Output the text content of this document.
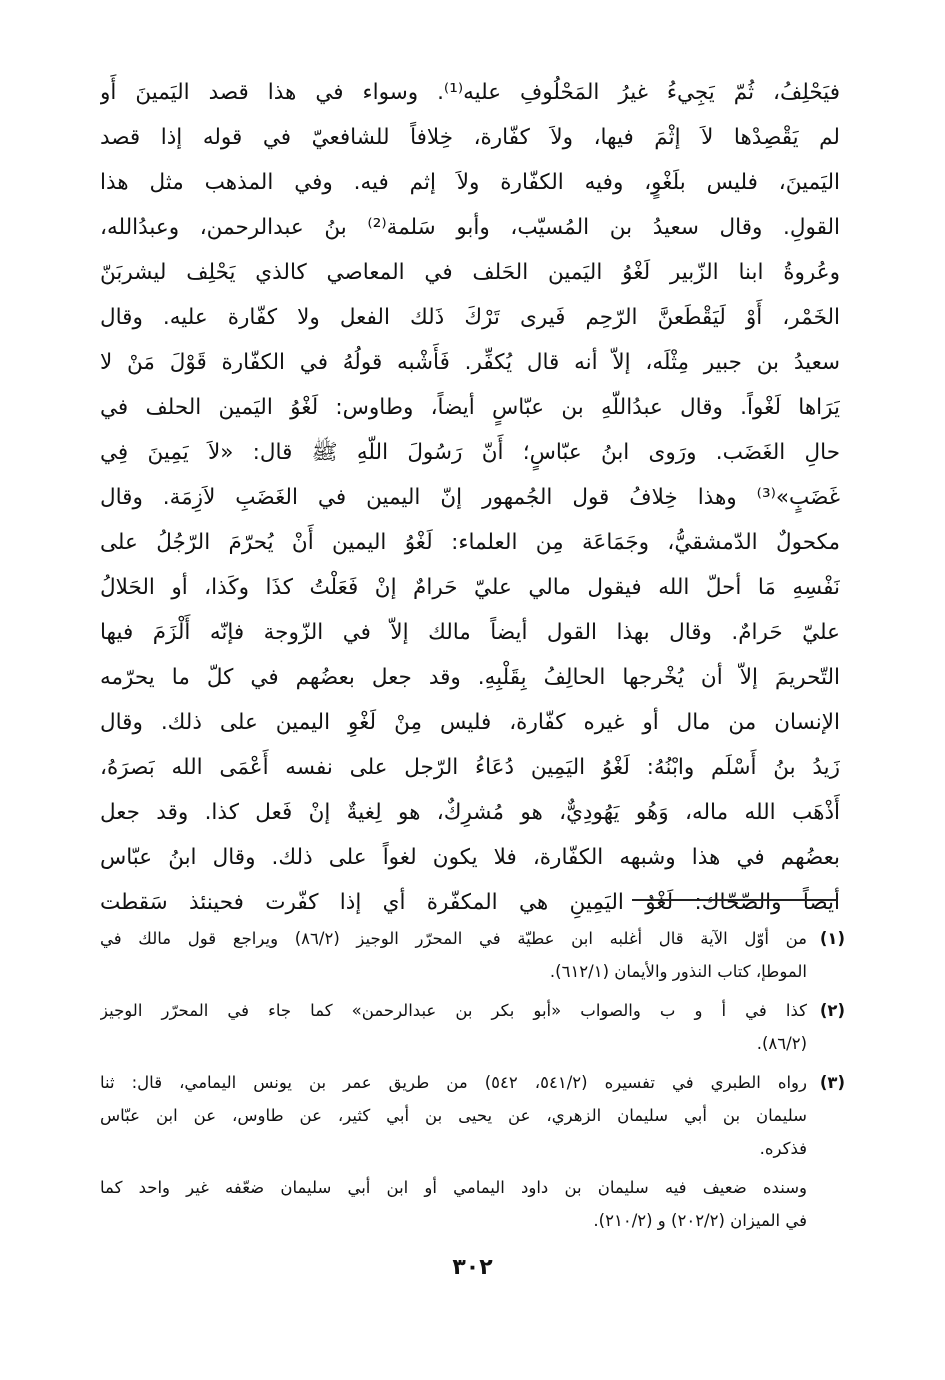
فيَحْلِفُ، ثُمّ يَجِيءُ غيرُ المَحْلُوفِ عليه⁽¹⁾. وسواء في هذا قصد اليَمينَ أَو
لم يَقْصِدْها لاَ إثْمَ فيها، ولاَ كفّارة، خِلافاً للشافعيّ في قوله إذا قصد
اليَمينَ، فليس بلَغْوٍ، وفيه الكفّارة ولاَ إثم فيه. وفي المذهب مثل هذا
القولِ. وقال سعيدُ بن المُسيّب، وأبو سَلمة⁽²⁾ بنُ عبدالرحمن، وعبدُالله،
وعُروةُ ابنا الزّبير لَغْوُ اليَمين الحَلف في المعاصي كالذي يَحْلِف ليشربَنّ
الخَمْر، أَوْ لَيَقْطَعنَّ الرّحِم فَيرى تَرْكَ ذَلك الفعل ولا كفّارة عليه. وقال
سعيدُ بن جبير مِثْلَه، إلاّ أنه قال يُكفِّر. فَأَشْبه قولُهُ في الكفّارة قَوْلَ مَنْ لا
يَرَاها لَغْواً. وقال عبدُاللّهِ بن عبّاسٍ أيضاً، وطاوس: لَغْوُ اليَمين الحلف في
حالِ الغَضَب. ورَوى ابنُ عبّاسٍ؛ أَنّ رَسُولَ اللّهِ ﷺ قال: «لاَ يَمِينَ فِي
غَضَبٍ»⁽³⁾ وهذا خِلافُ قول الجُمهور إنّ اليمين في الغَضَبِ لاَزِمَة. وقال
مكحولٌ الدّمشقيُّ، وجَمَاعَة مِن العلماء: لَغْوُ اليمين أَنْ يُحرّمَ الرّجُلُ على
نَفْسِهِ مَا أحلّ الله فيقول مالي عليّ حَرامٌ إنْ فَعَلْتُ كذَا وكَذا، أو الحَلالُ
عليّ حَرامٌ. وقال بهذا القول أيضاً مالك إلاّ في الزّوجة فإنّه أَلْزَمَ فيها
التّحريمَ إلاّ أن يُخْرجها الحالِفُ بِقَلْبِهِ. وقد جعل بعضُهم في كلّ ما يحرّمه
الإنسان من مال أو غيره كفّارة، فليس مِنْ لَغْوِ اليمين على ذلك. وقال
زَيدُ بنُ أَسْلَم وابْنُهُ: لَغْوُ اليَمِين دُعَاءُ الرّجل على نفسه أَعْمَى الله بَصرَهُ،
أَذْهَب الله ماله، وَهُو يَهُودِيٌّ، هو مُشرِكٌ، هو لِغيةٌ إنْ فَعل كذا. وقد جعل
بعضُهم في هذا وشبهه الكفّارة، فلا يكون لغواً على ذلك. وقال ابنُ عبّاس
أيضاً والضّحّاك: لَغْوُ اليَمِينِ هي المكفّرة أي إذا كفّرت فحينئذ سَقطت
(١)
من أوّل الآية قال أغلبه ابن عطيّة في المحرّر الوجيز (٨٦/٢) ويراجع قول مالك في
الموطإ، كتاب النذور والأيمان (٦١٢/١).
(٢)
كذا في أ و ب والصواب «أبو بكر بن عبدالرحمن» كما جاء في المحرّر الوجيز
(٨٦/٢).
(٣)
رواه الطبري في تفسيره (٥٤١/٢، ٥٤٢) من طريق عمر بن يونس اليمامي، قال: ثنا
سليمان بن أبي سليمان الزهري، عن يحيى بن أبي كثير، عن طاوس، عن ابن عبّاس
فذكره.
وسنده ضعيف فيه سليمان بن داود اليمامي أو ابن أبي سليمان ضعّفه غير واحد كما
في الميزان (٢٠٢/٢) و (٢١٠/٢).
٣٠٢
